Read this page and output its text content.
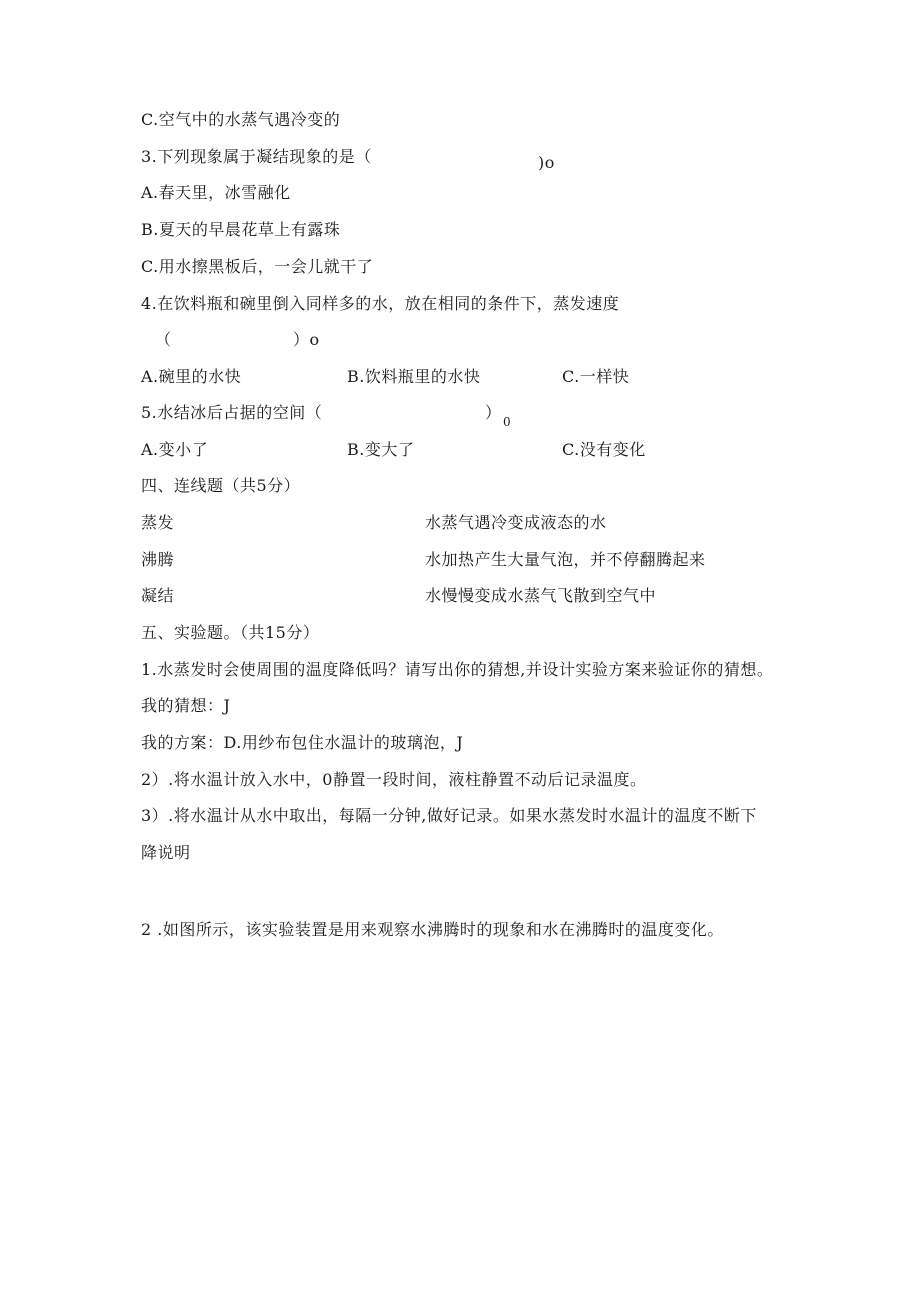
C.空气中的水蒸气遇冷变的
3.下列现象属于凝结现象的是（	)o
A.春天里，冰雪融化
B.夏天的早晨花草上有露珠
C.用水擦黑板后，一会儿就干了
4.在饮料瓶和碗里倒入同样多的水，放在相同的条件下，蒸发速度
（	）o
A.碗里的水快	B.饮料瓶里的水快	C.一样快
5.水结冰后占据的空间（	） 0
A.变小了	B.变大了	C.没有变化
四、连线题（共5分）
蒸发	水蒸气遇冷变成液态的水
沸腾	水加热产生大量气泡，并不停翻腾起来
凝结	水慢慢变成水蒸气飞散到空气中
五、实验题。（共15分）
1.水蒸发时会使周围的温度降低吗？请写出你的猜想,并设计实验方案来验证你的猜想。
我的猜想：J
我的方案：D.用纱布包住水温计的玻璃泡，J
2）.将水温计放入水中，0静置一段时间，液柱静置不动后记录温度。
3）.将水温计从水中取出，每隔一分钟,做好记录。如果水蒸发时水温计的温度不断下
降说明
2 .如图所示，该实验装置是用来观察水沸腾时的现象和水在沸腾时的温度变化。
